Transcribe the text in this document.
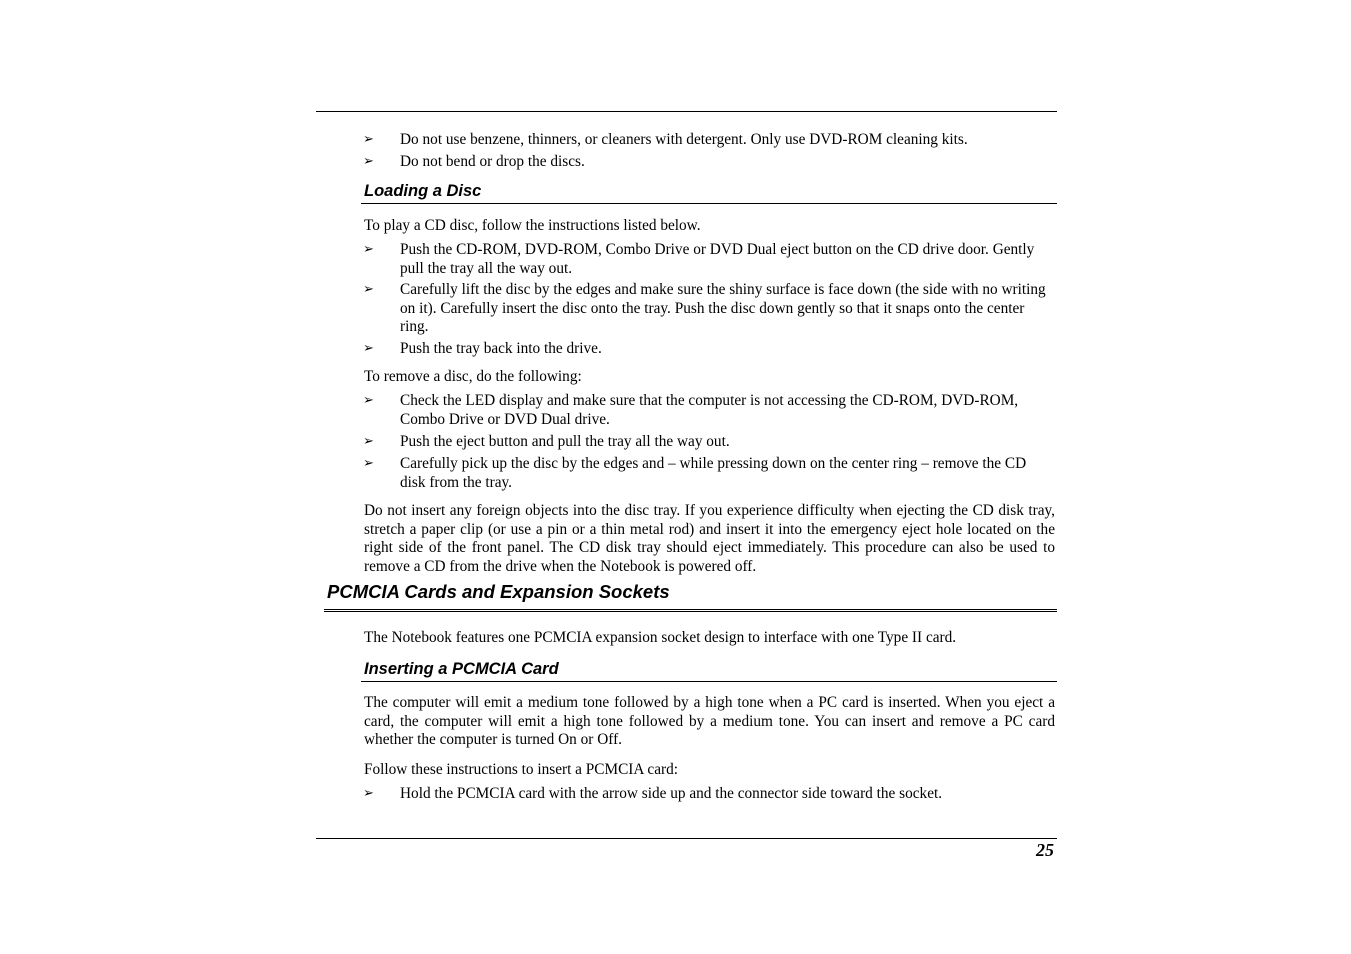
➢ Do not use benzene, thinners, or cleaners with detergent. Only use DVD-ROM cleaning kits.
➢ Do not bend or drop the discs.
Loading a Disc
To play a CD disc, follow the instructions listed below.
➢ Push the CD-ROM, DVD-ROM, Combo Drive or DVD Dual eject button on the CD drive door. Gently pull the tray all the way out.
➢ Carefully lift the disc by the edges and make sure the shiny surface is face down (the side with no writing on it). Carefully insert the disc onto the tray. Push the disc down gently so that it snaps onto the center ring.
➢ Push the tray back into the drive.
To remove a disc, do the following:
➢ Check the LED display and make sure that the computer is not accessing the CD-ROM, DVD-ROM, Combo Drive or DVD Dual drive.
➢ Push the eject button and pull the tray all the way out.
➢ Carefully pick up the disc by the edges and – while pressing down on the center ring – remove the CD disk from the tray.
Do not insert any foreign objects into the disc tray. If you experience difficulty when ejecting the CD disk tray, stretch a paper clip (or use a pin or a thin metal rod) and insert it into the emergency eject hole located on the right side of the front panel. The CD disk tray should eject immediately. This procedure can also be used to remove a CD from the drive when the Notebook is powered off.
PCMCIA Cards and Expansion Sockets
The Notebook features one PCMCIA expansion socket design to interface with one Type II card.
Inserting a PCMCIA Card
The computer will emit a medium tone followed by a high tone when a PC card is inserted. When you eject a card, the computer will emit a high tone followed by a medium tone. You can insert and remove a PC card whether the computer is turned On or Off.
Follow these instructions to insert a PCMCIA card:
➢ Hold the PCMCIA card with the arrow side up and the connector side toward the socket.
25
